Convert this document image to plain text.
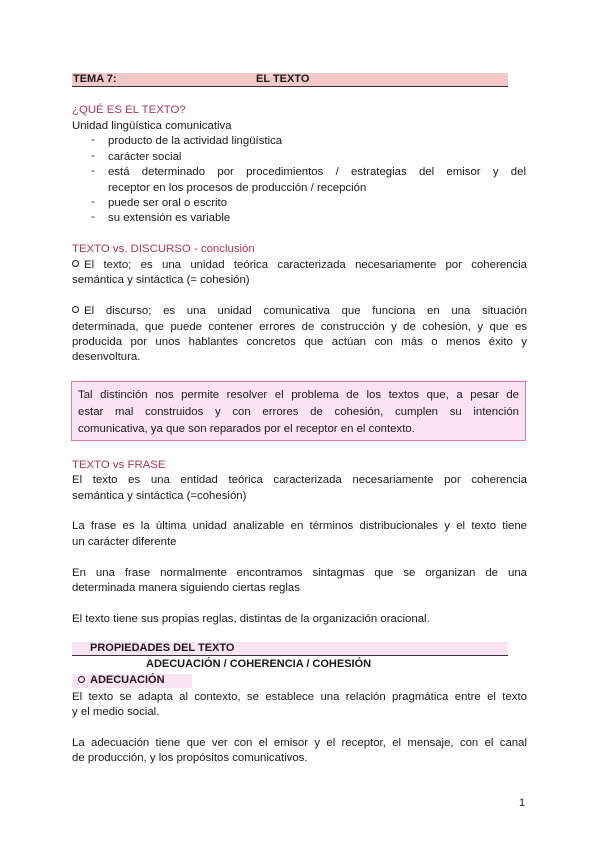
TEMA 7:	EL TEXTO
¿QUÉ ES EL TEXTO?
Unidad lingüística comunicativa
- producto de la actividad lingüística
- carácter social
- está determinado por procedimientos / estrategias del emisor y del
receptor en los procesos de producción / recepción
- puede ser oral o escrito
- su extensión es variable
TEXTO vs. DISCURSO - conclusión
El texto; es una unidad teórica caracterizada necesariamente por coherencia
semántica y sintáctica (= cohesión)
El discurso; es una unidad comunicativa que funciona en una situación
determinada, que puede contener errores de construcción y de cohesión, y que es
producida por unos hablantes concretos que actúan con más o menos éxito y
desenvoltura.
Tal distinción nos permite resolver el problema de los textos que, a pesar de
estar mal construidos y con errores de cohesión, cumplen su intención
comunicativa, ya que son reparados por el receptor en el contexto.
TEXTO vs FRASE
El texto es una entidad teórica caracterizada necesariamente por coherencia
semántica y sintáctica (=cohesión)
La frase es la última unidad analizable en términos distribucionales y el texto tiene
un carácter diferente
En una frase normalmente encontramos sintagmas que se organizan de una
determinada manera siguiendo ciertas reglas
El texto tiene sus propias reglas, distintas de la organización oracional.
PROPIEDADES DEL TEXTO
ADECUACIÓN / COHERENCIA / COHESIÓN
ADECUACIÓN
El texto se adapta al contexto, se establece una relación pragmática entre el texto
y el medio social.
La adecuación tiene que ver con el emisor y el receptor, el mensaje, con el canal
de producción, y los propósitos comunicativos.
1
